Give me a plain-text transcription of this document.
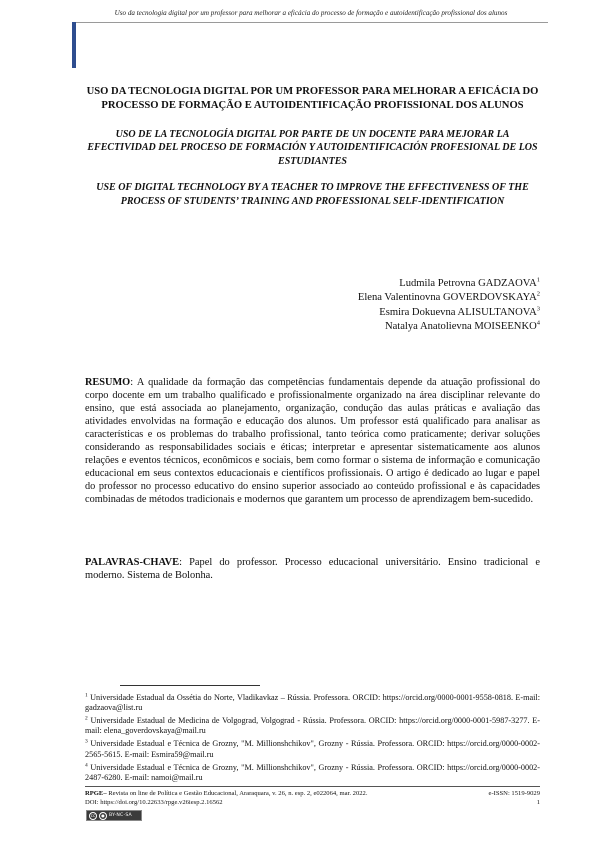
Uso da tecnologia digital por um professor para melhorar a eficácia do processo de formação e autoidentificação profissional dos alunos

USO DA TECNOLOGIA DIGITAL POR UM PROFESSOR PARA MELHORAR A EFICÁCIA DO PROCESSO DE FORMAÇÃO E AUTOIDENTIFICAÇÃO PROFISSIONAL DOS ALUNOS

USO DE LA TECNOLOGÍA DIGITAL POR PARTE DE UN DOCENTE PARA MEJORAR LA EFECTIVIDAD DEL PROCESO DE FORMACIÓN Y AUTOIDENTIFICACIÓN PROFESIONAL DE LOS ESTUDIANTES

USE OF DIGITAL TECHNOLOGY BY A TEACHER TO IMPROVE THE EFFECTIVENESS OF THE PROCESS OF STUDENTS’ TRAINING AND PROFESSIONAL SELF-IDENTIFICATION

Ludmila Petrovna GADZAOVA$^1$
Elena Valentinovna GOVERDOVSKAYA$^2$
Esmira Dokuevna ALISULTANOVA$^3$
Natalya Anatolievna MOISEENKO$^4$

RESUMO: A qualidade da formação das competências fundamentais depende da atuação profissional do corpo docente em um trabalho qualificado e profissionalmente organizado na área disciplinar relevante do ensino, que está associada ao planejamento, organização, condução das aulas práticas e avaliação das atividades envolvidas na formação e educação dos alunos. Um professor está qualificado para analisar as características e os problemas do trabalho profissional, tanto teórica como praticamente; derivar soluções considerando as responsabilidades sociais e éticas; interpretar e apresentar sistematicamente aos alunos relações e eventos técnicos, econômicos e sociais, bem como formar o sistema de informação e comunicação educacional em seus contextos educacionais e científicos profissionais. O artigo é dedicado ao lugar e papel do professor no processo educativo do ensino superior associado ao conteúdo profissional e às capacidades combinadas de métodos tradicionais e modernos que garantem um processo de aprendizagem bem-sucedido.

PALAVRAS-CHAVE: Papel do professor. Processo educacional universitário. Ensino tradicional e moderno. Sistema de Bolonha.

$^1$ Universidade Estadual da Ossétia do Norte, Vladikavkaz – Rússia. Professora. ORCID: https://orcid.org/0000-0001-9558-0818. E-mail: gadzaova@list.ru

$^2$ Universidade Estadual de Medicina de Volgograd, Volgograd - Rússia. Professora. ORCID: https://orcid.org/0000-0001-5987-3277. E-mail: elena_goverdovskaya@mail.ru

$^3$ Universidade Estadual e Técnica de Grozny, "M. Millionshchikov", Grozny - Rússia. Professora. ORCID: https://orcid.org/0000-0002-2565-5615. E-mail: Esmira59@mail.ru

$^4$ Universidade Estadual e Técnica de Grozny, "M. Millionshchikov", Grozny - Rússia. Professora. ORCID: https://orcid.org/0000-0002-2487-6280. E-mail: namoi@mail.ru

RPGE– Revista on line de Política e Gestão Educacional, Araraquara, v. 26, n. esp. 2, e022064, mar. 2022.	e-ISSN: 1519-9029
DOI: https://doi.org/10.22633/rpge.v26iesp.2.16562	1
cc	● BY-NC-SA
